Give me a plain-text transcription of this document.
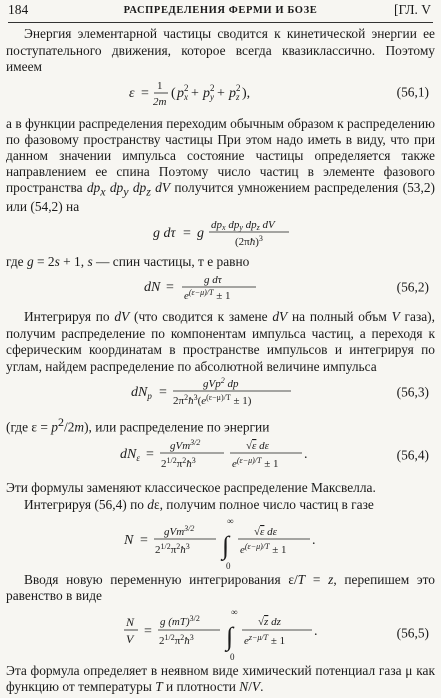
184	РАСПРЕДЕЛЕНИЯ ФЕРМИ И БОЗЕ	[ГЛ. V

Энергия элементарной частицы сводится к кинетической энергии ее поступательного движения, которое всегда квазиклассично. Поэтому имеем

ε = 1
2m
( p x
2 + p y
2 + p z
2 ),	(56,1)

а в функции распределения переходим обычным образом к распределению по фазовому пространству частицы При этом надо иметь в виду, что при данном значении импульса состояние частицы определяется также направлением ее спина Поэтому число частиц в элементе фазового пространства $dp_x$ $dp_y$ $dp_z$ dV получится умножением распределения (53,2) или (54,2) на

g dτ = g
dpx dpy dpz dV
(2πħ)$^3$

где g = 2s + 1, s — спин частицы, т е равно

dN =	g dτ
$e^{(\varepsilon-\mu)/T} \pm 1$
(56,2)

Интегрируя по dV (что сводится к замене dV на полный объм V газа), получим распределение по компонентам импульса частиц, а переходя к сферическим координатам в пространстве импульсов и интегрируя по углам, найдем распределение по абсолютной величине импульса

$dN_p$ =
gVp$^2$ dp
$2\pi^2ħ^3(e^{(\varepsilon-\mu)/T} \pm 1)$
(56,3)

(где $\varepsilon = p^2/2m$), или распределение по энергии

$dN_\varepsilon$ =
gVm$^{3/2}$
$2^{1/2}\pi^2ħ^3$
√ε dε
$e^{(\varepsilon-\mu)/T} \pm 1$
.	(56,4)

Эти формулы заменяют классическое распределение Максвелла.

Интегрируя (56,4) по dε, получим полное число частиц в газе

N =
gVm$^{3/2}$
$2^{1/2}\pi^2ħ^3$ ∫
∞
0
√ε dε
$e^{(\varepsilon-\mu)/T} \pm 1$
.

Вводя новую переменную интегрирования ε/T = z, перепишем это равенство в виде

N
V =
g (mT)$^{3/2}$
$2^{1/2}\pi^2ħ^3$ ∫
∞
0
√z dz
$e^{z-\mu/T} \pm 1$
.	(56,5)

Эта формула определяет в неявном виде химический потенциал газа μ как функцию от температуры T и плотности N/V.
